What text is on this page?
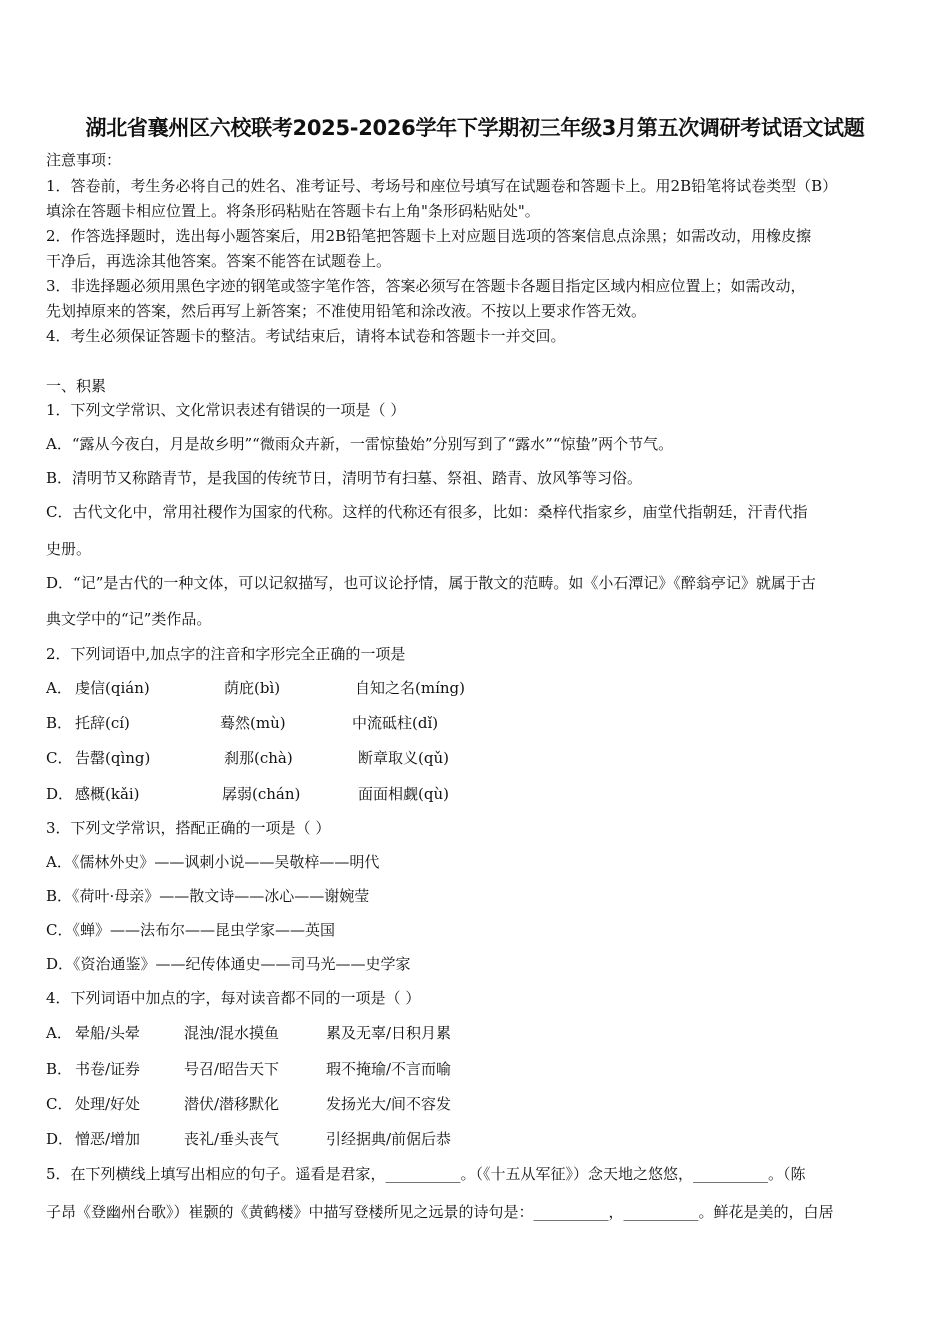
湖北省襄州区六校联考2025-2026学年下学期初三年级3月第五次调研考试语文试题
注意事项：
1．答卷前，考生务必将自己的姓名、准考证号、考场号和座位号填写在试题卷和答题卡上。用2B铅笔将试卷类型（B）
填涂在答题卡相应位置上。将条形码粘贴在答题卡右上角"条形码粘贴处"。
2．作答选择题时，选出每小题答案后，用2B铅笔把答题卡上对应题目选项的答案信息点涂黑；如需改动，用橡皮擦
干净后，再选涂其他答案。答案不能答在试题卷上。
3．非选择题必须用黑色字迹的钢笔或签字笔作答，答案必须写在答题卡各题目指定区域内相应位置上；如需改动，
先划掉原来的答案，然后再写上新答案；不准使用铅笔和涂改液。不按以上要求作答无效。
4．考生必须保证答题卡的整洁。考试结束后，请将本试卷和答题卡一并交回。
一、积累
1．下列文学常识、文化常识表述有错误的一项是（ ）
A．“露从今夜白，月是故乡明”“微雨众卉新，一雷惊蛰始”分别写到了“露水”“惊蛰”两个节气。
B．清明节又称踏青节，是我国的传统节日，清明节有扫墓、祭祖、踏青、放风筝等习俗。
C．古代文化中，常用社稷作为国家的代称。这样的代称还有很多，比如：桑梓代指家乡，庙堂代指朝廷，汗青代指
史册。
D．“记”是古代的一种文体，可以记叙描写，也可议论抒情，属于散文的范畴。如《小石潭记》《醉翁亭记》就属于古
典文学中的“记”类作品。
2．下列词语中,加点字的注音和字形完全正确的一项是
A． 虔信(qián)	荫庇(bì)	自知之名(míng)
B． 托辞(cí)	蓦然(mù)	中流砥柱(dǐ)
C． 告罄(qìng)	刹那(chà)	断章取义(qǔ)
D． 感概(kǎi)	孱弱(chán)	面面相觑(qù)
3．下列文学常识，搭配正确的一项是（ ）
A．《儒林外史》——讽刺小说——吴敬梓——明代
B．《荷叶·母亲》——散文诗——冰心——谢婉莹
C．《蝉》——法布尔——昆虫学家——英国
D．《资治通鉴》——纪传体通史——司马光——史学家
4．下列词语中加点的字，每对读音都不同的一项是（ ）
A． 晕船/头晕	混浊/混水摸鱼	累及无辜/日积月累
B． 书卷/证券	号召/昭告天下	瑕不掩瑜/不言而喻
C． 处理/好处	潜伏/潜移默化	发扬光大/间不容发
D． 憎恶/增加	丧礼/垂头丧气	引经据典/前倨后恭
5．在下列横线上填写出相应的句子。遥看是君家，__________。（《十五从军征》）念天地之悠悠，__________。（陈
子昂《登幽州台歌》）崔颢的《黄鹤楼》中描写登楼所见之远景的诗句是：__________，__________。鲜花是美的，白居
